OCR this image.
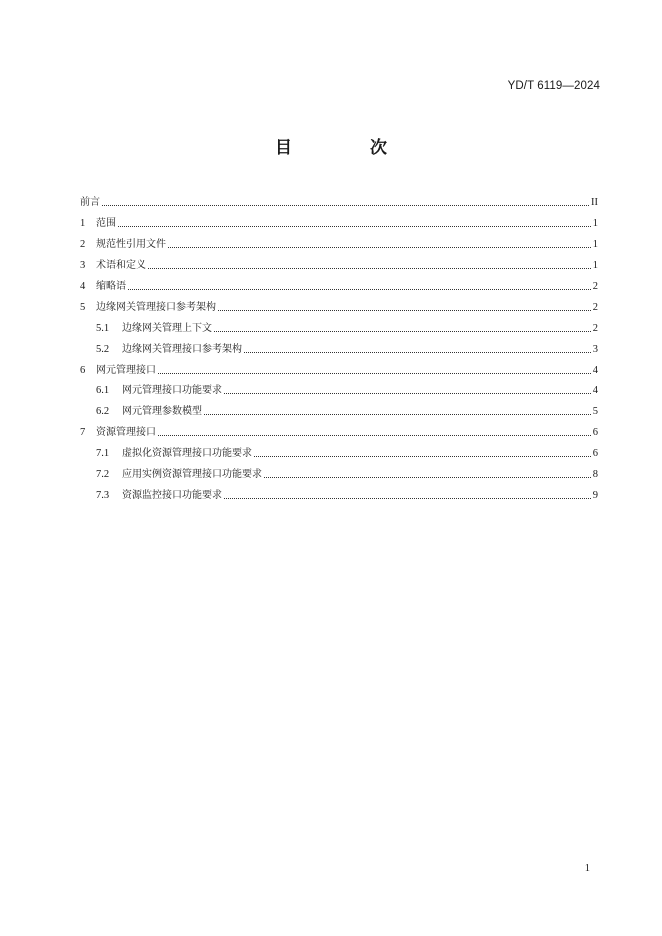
YD/T 6119—2024
目 次
前言	II
1	范围	1
2	规范性引用文件	1
3	术语和定义	1
4	缩略语	2
5	边缘网关管理接口参考架构	2
5.1	边缘网关管理上下文	2
5.2	边缘网关管理接口参考架构	3
6	网元管理接口	4
6.1	网元管理接口功能要求	4
6.2	网元管理参数模型	5
7	资源管理接口	6
7.1	虚拟化资源管理接口功能要求	6
7.2	应用实例资源管理接口功能要求	8
7.3	资源监控接口功能要求	9
1
